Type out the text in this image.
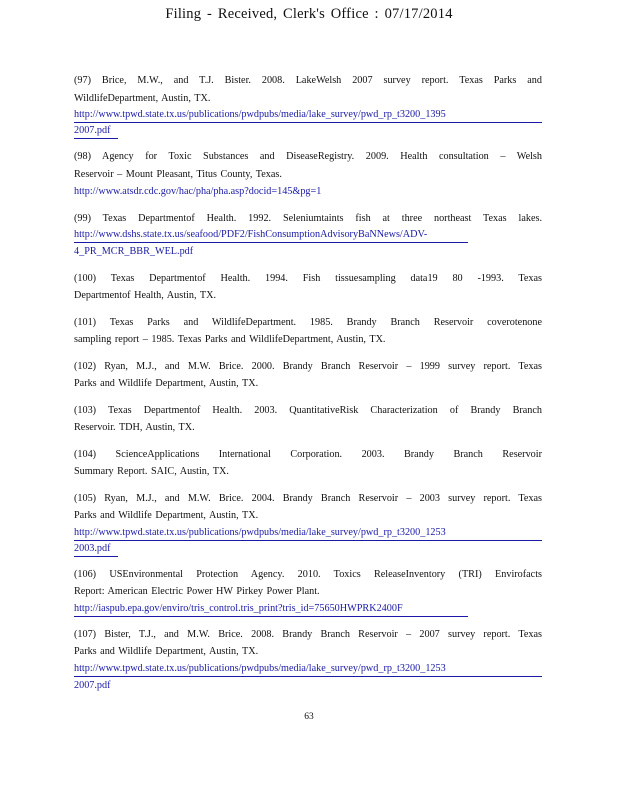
Filing - Received, Clerk's Office : 07/17/2014
(97) Brice, M.W., and T.J. Bister. 2008. LakeWelsh 2007 survey report. Texas Parks and
WildlifeDepartment, Austin, TX.
http://www.tpwd.state.tx.us/publications/pwdpubs/media/lake_survey/pwd_rp_t3200_1395
2007.pdf
(98) Agency for Toxic Substances and DiseaseRegistry. 2009. Health consultation – Welsh
Reservoir – Mount Pleasant, Titus County, Texas.
http://www.atsdr.cdc.gov/hac/pha/pha.asp?docid=145&pg=1
(99) Texas Departmentof Health. 1992. Seleniumtaints fish at three northeast Texas lakes.
http://www.dshs.state.tx.us/seafood/PDF2/FishConsumptionAdvisoryBaNNews/ADV-
4_PR_MCR_BBR_WEL.pdf
(100) Texas Departmentof Health. 1994. Fish tissuesampling data19 80 -1993. Texas
Departmentof Health, Austin, TX.
(101) Texas Parks and WildlifeDepartment. 1985. Brandy Branch Reservoir coverotenone
sampling report – 1985. Texas Parks and WildlifeDepartment, Austin, TX.
(102) Ryan, M.J., and M.W. Brice. 2000. Brandy Branch Reservoir – 1999 survey report. Texas
Parks and Wildlife Department, Austin, TX.
(103) Texas Departmentof Health. 2003. QuantitativeRisk Characterization of Brandy Branch
Reservoir. TDH, Austin, TX.
(104) ScienceApplications International Corporation. 2003. Brandy Branch Reservoir
Summary Report. SAIC, Austin, TX.
(105) Ryan, M.J., and M.W. Brice. 2004. Brandy Branch Reservoir – 2003 survey report. Texas
Parks and Wildlife Department, Austin, TX.
http://www.tpwd.state.tx.us/publications/pwdpubs/media/lake_survey/pwd_rp_t3200_1253
2003.pdf
(106) USEnvironmental Protection Agency. 2010. Toxics ReleaseInventory (TRI) Envirofacts
Report: American Electric Power HW Pirkey Power Plant.
http://iaspub.epa.gov/enviro/tris_control.tris_print?tris_id=75650HWPRK2400F
(107) Bister, T.J., and M.W. Brice. 2008. Brandy Branch Reservoir – 2007 survey report. Texas
Parks and Wildlife Department, Austin, TX.
http://www.tpwd.state.tx.us/publications/pwdpubs/media/lake_survey/pwd_rp_t3200_1253
2007.pdf
63
